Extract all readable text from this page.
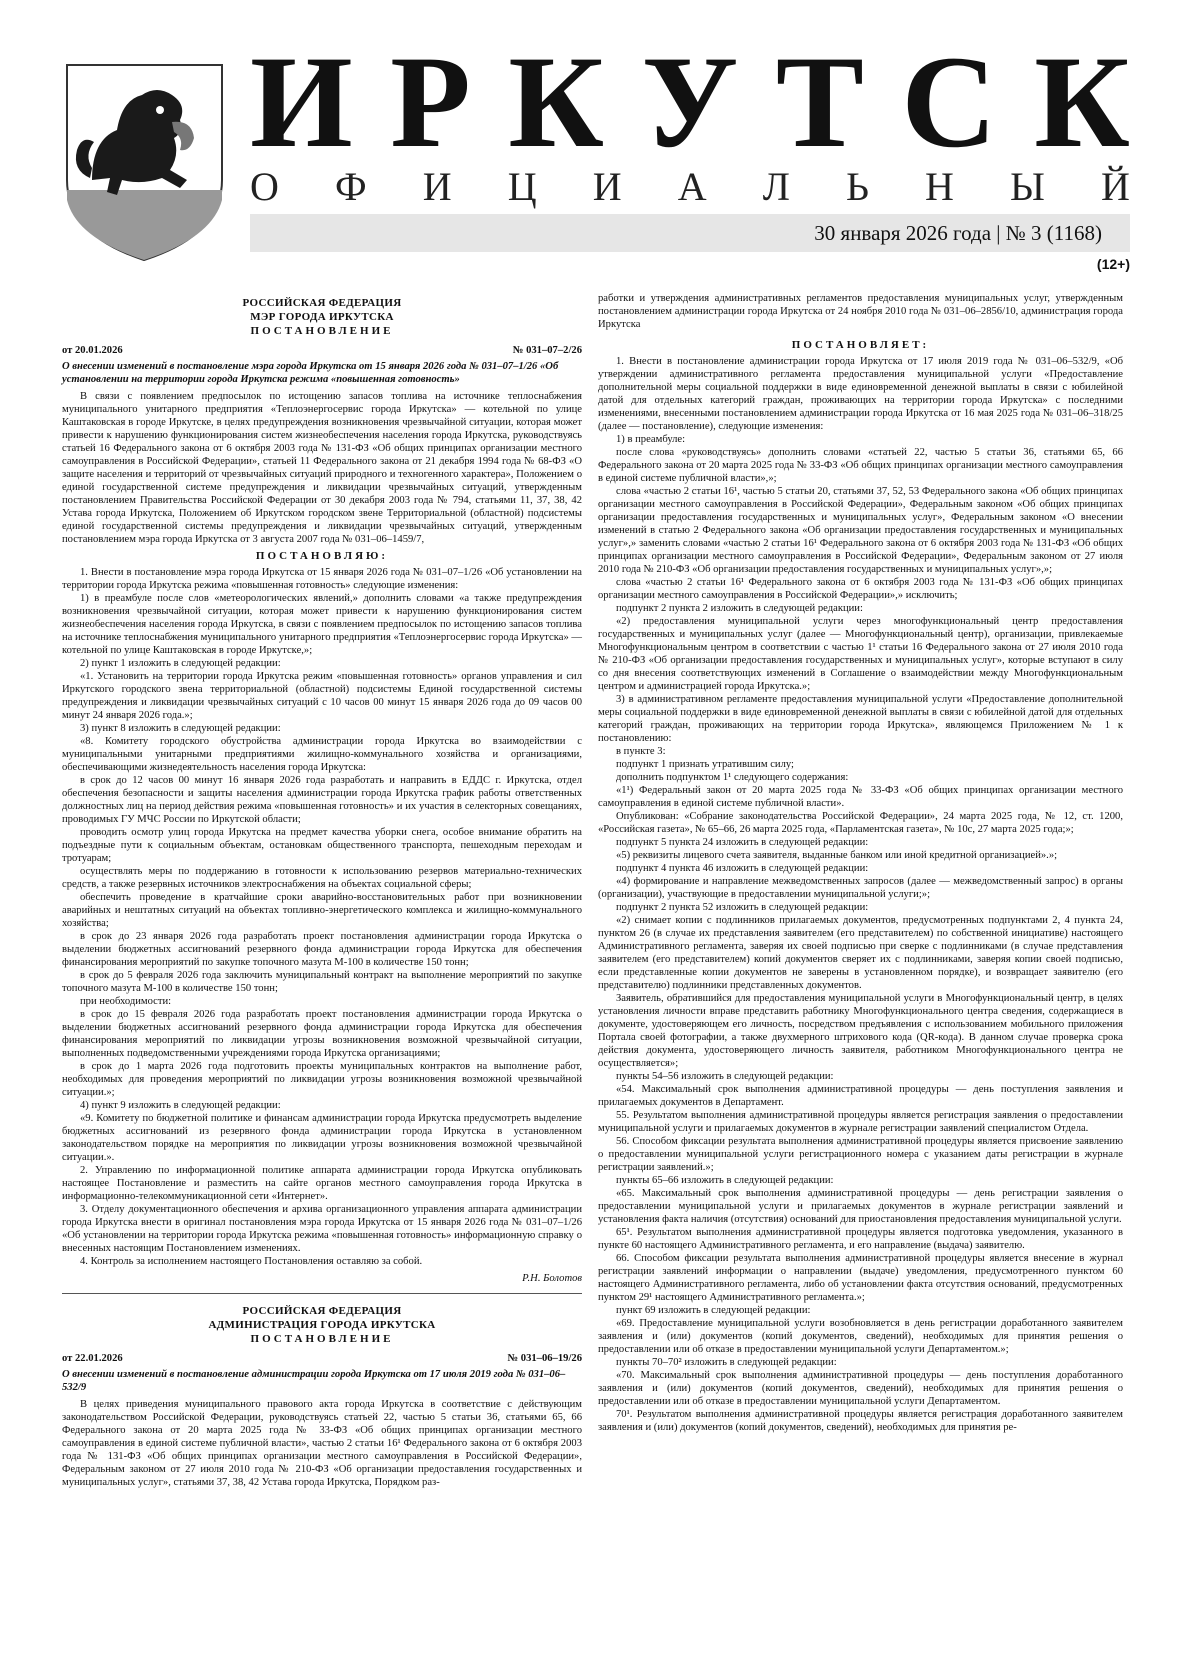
И Р К У Т С К
О Ф И Ц И А Л Ь Н Ы Й
30 января 2026 года | № 3 (1168)
(12+)
РОССИЙСКАЯ ФЕДЕРАЦИЯ
МЭР ГОРОДА ИРКУТСКА
ПОСТАНОВЛЕНИЕ
от 20.01.2026	№ 031–07–2/26
О внесении изменений в постановление мэра города Иркутска от 15 января 2026 года № 031–07–1/26 «Об установлении на территории города Иркутска режима «повышенная готовность»

В связи с появлением предпосылок по истощению запасов топлива на источнике теплоснабжения муниципального унитарного предприятия «Теплоэнергосервис города Иркутска» — котельной по улице Каштаковская в городе Иркутске, в целях предупреждения возникновения чрезвычайной ситуации, которая может привести к нарушению функционирования систем жизнеобеспечения населения города Иркутска, руководствуясь статьей 16 Федерального закона от 6 октября 2003 года № 131-ФЗ «Об общих принципах организации местного самоуправления в Российской Федерации», статьей 11 Федерального закона от 21 декабря 1994 года № 68-ФЗ «О защите населения и территорий от чрезвычайных ситуаций природного и техногенного характера», Положением о единой государственной системе предупреждения и ликвидации чрезвычайных ситуаций, утвержденным постановлением Правительства Российской Федерации от 30 декабря 2003 года № 794, статьями 11, 37, 38, 42 Устава города Иркутска, Положением об Иркутском городском звене Территориальной (областной) подсистемы единой государственной системы предупреждения и ликвидации чрезвычайных ситуаций, утвержденным постановлением мэра города Иркутска от 3 августа 2007 года № 031–06–1459/7,

ПОСТАНОВЛЯЮ:

1. Внести в постановление мэра города Иркутска от 15 января 2026 года № 031–07–1/26 «Об установлении на территории города Иркутска режима «повышенная готовность» следующие изменения:

1) в преамбуле после слов «метеорологических явлений,» дополнить словами «а также предупреждения возникновения чрезвычайной ситуации, которая может привести к нарушению функционирования систем жизнеобеспечения населения города Иркутска, в связи с появлением предпосылок по истощению запасов топлива на источнике теплоснабжения муниципального унитарного предприятия «Теплоэнергосервис города Иркутска» — котельной по улице Каштаковская в городе Иркутске,»;

2) пункт 1 изложить в следующей редакции:

«1. Установить на территории города Иркутска режим «повышенная готовность» органов управления и сил Иркутского городского звена территориальной (областной) подсистемы Единой государственной системы предупреждения и ликвидации чрезвычайных ситуаций с 10 часов 00 минут 15 января 2026 года до 09 часов 00 минут 24 января 2026 года.»;

3) пункт 8 изложить в следующей редакции:

«8. Комитету городского обустройства администрации города Иркутска во взаимодействии с муниципальными унитарными предприятиями жилищно-коммунального хозяйства и организациями, обеспечивающими жизнедеятельность населения города Иркутска:

в срок до 12 часов 00 минут 16 января 2026 года разработать и направить в ЕДДС г. Иркутска, отдел обеспечения безопасности и защиты населения администрации города Иркутска график работы ответственных должностных лиц на период действия режима «повышенная готовность» и их участия в селекторных совещаниях, проводимых ГУ МЧС России по Иркутской области;

проводить осмотр улиц города Иркутска на предмет качества уборки снега, особое внимание обратить на подъездные пути к социальным объектам, остановкам общественного транспорта, пешеходным переходам и тротуарам;

осуществлять меры по поддержанию в готовности к использованию резервов материально-технических средств, а также резервных источников электроснабжения на объектах социальной сферы;

обеспечить проведение в кратчайшие сроки аварийно-восстановительных работ при возникновении аварийных и нештатных ситуаций на объектах топливно-энергетического комплекса и жилищно-коммунального хозяйства;

в срок до 23 января 2026 года разработать проект постановления администрации города Иркутска о выделении бюджетных ассигнований резервного фонда администрации города Иркутска для обеспечения финансирования мероприятий по закупке топочного мазута М-100 в количестве 150 тонн;

в срок до 5 февраля 2026 года заключить муниципальный контракт на выполнение мероприятий по закупке топочного мазута М-100 в количестве 150 тонн;

при необходимости:

в срок до 15 февраля 2026 года разработать проект постановления администрации города Иркутска о выделении бюджетных ассигнований резервного фонда администрации города Иркутска для обеспечения финансирования мероприятий по ликвидации угрозы возникновения возможной чрезвычайной ситуации, выполненных подведомственными учреждениями города Иркутска организациями;

в срок до 1 марта 2026 года подготовить проекты муниципальных контрактов на выполнение работ, необходимых для проведения мероприятий по ликвидации угрозы возникновения возможной чрезвычайной ситуации.»;

4) пункт 9 изложить в следующей редакции:

«9. Комитету по бюджетной политике и финансам администрации города Иркутска предусмотреть выделение бюджетных ассигнований из резервного фонда администрации города Иркутска в установленном законодательством порядке на мероприятия по ликвидации угрозы возникновения возможной чрезвычайной ситуации.».

2. Управлению по информационной политике аппарата администрации города Иркутска опубликовать настоящее Постановление и разместить на сайте органов местного самоуправления города Иркутска в информационно-телекоммуникационной сети «Интернет».

3. Отделу документационного обеспечения и архива организационного управления аппарата администрации города Иркутска внести в оригинал постановления мэра города Иркутска от 15 января 2026 года № 031–07–1/26 «Об установлении на территории города Иркутска режима «повышенная готовность» информационную справку о внесенных настоящим Постановлением изменениях.

4. Контроль за исполнением настоящего Постановления оставляю за собой.

Р.Н. Болотов
РОССИЙСКАЯ ФЕДЕРАЦИЯ
АДМИНИСТРАЦИЯ ГОРОДА ИРКУТСКА
ПОСТАНОВЛЕНИЕ
от 22.01.2026	№ 031–06–19/26
О внесении изменений в постановление администрации города Иркутска от 17 июля 2019 года № 031–06–532/9

В целях приведения муниципального правового акта города Иркутска в соответствие с действующим законодательством Российской Федерации, руководствуясь статьей 22, частью 5 статьи 36, статьями 65, 66 Федерального закона от 20 марта 2025 года № 33-ФЗ «Об общих принципах организации местного самоуправления в единой системе публичной власти», частью 2 статьи 16¹ Федерального закона от 6 октября 2003 года № 131-ФЗ «Об общих принципах организации местного самоуправления в Российской Федерации», Федеральным законом от 27 июля 2010 года № 210-ФЗ «Об организации предоставления государственных и муниципальных услуг», статьями 37, 38, 42 Устава города Иркутска, Порядком раз-

работки и утверждения административных регламентов предоставления муниципальных услуг, утвержденным постановлением администрации города Иркутска от 24 ноября 2010 года № 031–06–2856/10, администрация города Иркутска

ПОСТАНОВЛЯЕТ:

1. Внести в постановление администрации города Иркутска от 17 июля 2019 года № 031–06–532/9, «Об утверждении административного регламента предоставления муниципальной услуги «Предоставление дополнительной меры социальной поддержки в виде единовременной денежной выплаты в связи с юбилейной датой для отдельных категорий граждан, проживающих на территории города Иркутска» с последними изменениями, внесенными постановлением администрации города Иркутска от 16 мая 2025 года № 031–06–318/25 (далее — постановление), следующие изменения:

1) в преамбуле:

после слова «руководствуясь» дополнить словами «статьей 22, частью 5 статьи 36, статьями 65, 66 Федерального закона от 20 марта 2025 года № 33-ФЗ «Об общих принципах организации местного самоуправления в единой системе публичной власти»,»;

слова «частью 2 статьи 16¹, частью 5 статьи 20, статьями 37, 52, 53 Федерального закона «Об общих принципах организации местного самоуправления в Российской Федерации», Федеральным законом «Об общих принципах организации предоставления государственных и муниципальных услуг», Федеральным законом «О внесении изменений в статью 2 Федерального закона «Об организации предоставления государственных и муниципальных услуг»,» заменить словами «частью 2 статьи 16¹ Федерального закона от 6 октября 2003 года № 131-ФЗ «Об общих принципах организации местного самоуправления в Российской Федерации», Федеральным законом от 27 июля 2010 года № 210-ФЗ «Об организации предоставления государственных и муниципальных услуг»,»;

слова «частью 2 статьи 16¹ Федерального закона от 6 октября 2003 года № 131-ФЗ «Об общих принципах организации местного самоуправления в Российской Федерации»,» исключить;

подпункт 2 пункта 2 изложить в следующей редакции:

«2) предоставления муниципальной услуги через многофункциональный центр предоставления государственных и муниципальных услуг (далее — Многофункциональный центр), организации, привлекаемые Многофункциональным центром в соответствии с частью 1¹ статьи 16 Федерального закона от 27 июля 2010 года № 210-ФЗ «Об организации предоставления государственных и муниципальных услуг», которые вступают в силу со дня внесения соответствующих изменений в Соглашение о взаимодействии между Многофункциональным центром и администрацией города Иркутска.»;

3) в административном регламенте предоставления муниципальной услуги «Предоставление дополнительной меры социальной поддержки в виде единовременной денежной выплаты в связи с юбилейной датой для отдельных категорий граждан, проживающих на территории города Иркутска», являющемся Приложением № 1 к постановлению:

в пункте 3:

подпункт 1 признать утратившим силу;

дополнить подпунктом 1¹ следующего содержания:

«1¹) Федеральный закон от 20 марта 2025 года № 33-ФЗ «Об общих принципах организации местного самоуправления в единой системе публичной власти».

Опубликован: «Собрание законодательства Российской Федерации», 24 марта 2025 года, № 12, ст. 1200, «Российская газета», № 65–66, 26 марта 2025 года, «Парламентская газета», № 10с, 27 марта 2025 года;»;

подпункт 5 пункта 24 изложить в следующей редакции:

«5) реквизиты лицевого счета заявителя, выданные банком или иной кредитной организацией».»;

подпункт 4 пункта 46 изложить в следующей редакции:

«4) формирование и направление межведомственных запросов (далее — межведомственный запрос) в органы (организации), участвующие в предоставлении муниципальной услуги;»;

подпункт 2 пункта 52 изложить в следующей редакции:

«2) снимает копии с подлинников прилагаемых документов, предусмотренных подпунктами 2, 4 пункта 24, пунктом 26 (в случае их представления заявителем (его представителем) по собственной инициативе) настоящего Административного регламента, заверяя их своей подписью при сверке с подлинниками (в случае представления заявителем (его представителем) копий документов сверяет их с подлинниками, заверяя копии своей подписью, если представленные копии документов не заверены в установленном порядке), и возвращает заявителю (его представителю) подлинники представленных документов.

Заявитель, обратившийся для предоставления муниципальной услуги в Многофункциональный центр, в целях установления личности вправе представить работнику Многофункционального центра сведения, содержащиеся в документе, удостоверяющем его личность, посредством предъявления с использованием мобильного приложения Портала своей фотографии, а также двухмерного штрихового кода (QR-кода). В данном случае проверка срока действия документа, удостоверяющего личность заявителя, работником Многофункционального центра не осуществляется»;

пункты 54–56 изложить в следующей редакции:

«54. Максимальный срок выполнения административной процедуры — день поступления заявления и прилагаемых документов в Департамент.

55. Результатом выполнения административной процедуры является регистрация заявления о предоставлении муниципальной услуги и прилагаемых документов в журнале регистрации заявлений специалистом Отдела.

56. Способом фиксации результата выполнения административной процедуры является присвоение заявлению о предоставлении муниципальной услуги регистрационного номера с указанием даты регистрации в журнале регистрации заявлений.»;

пункты 65–66 изложить в следующей редакции:

«65. Максимальный срок выполнения административной процедуры — день регистрации заявления о предоставлении муниципальной услуги и прилагаемых документов в журнале регистрации заявлений и установления факта наличия (отсутствия) оснований для приостановления предоставления муниципальной услуги.

65¹. Результатом выполнения административной процедуры является подготовка уведомления, указанного в пункте 60 настоящего Административного регламента, и его направление (выдача) заявителю.

66. Способом фиксации результата выполнения административной процедуры является внесение в журнал регистрации заявлений информации о направлении (выдаче) уведомления, предусмотренного пунктом 60 настоящего Административного регламента, либо об установлении факта отсутствия оснований, предусмотренных пунктом 29¹ настоящего Административного регламента.»;

пункт 69 изложить в следующей редакции:

«69. Предоставление муниципальной услуги возобновляется в день регистрации доработанного заявителем заявления и (или) документов (копий документов, сведений), необходимых для принятия решения о предоставлении или об отказе в предоставлении муниципальной услуги Департаментом.»;

пункты 70–70² изложить в следующей редакции:

«70. Максимальный срок выполнения административной процедуры — день поступления доработанного заявления и (или) документов (копий документов, сведений), необходимых для принятия решения о предоставлении или об отказе в предоставлении муниципальной услуги Департаментом.

70¹. Результатом выполнения административной процедуры является регистрация доработанного заявителем заявления и (или) документов (копий документов, сведений), необходимых для принятия ре-
